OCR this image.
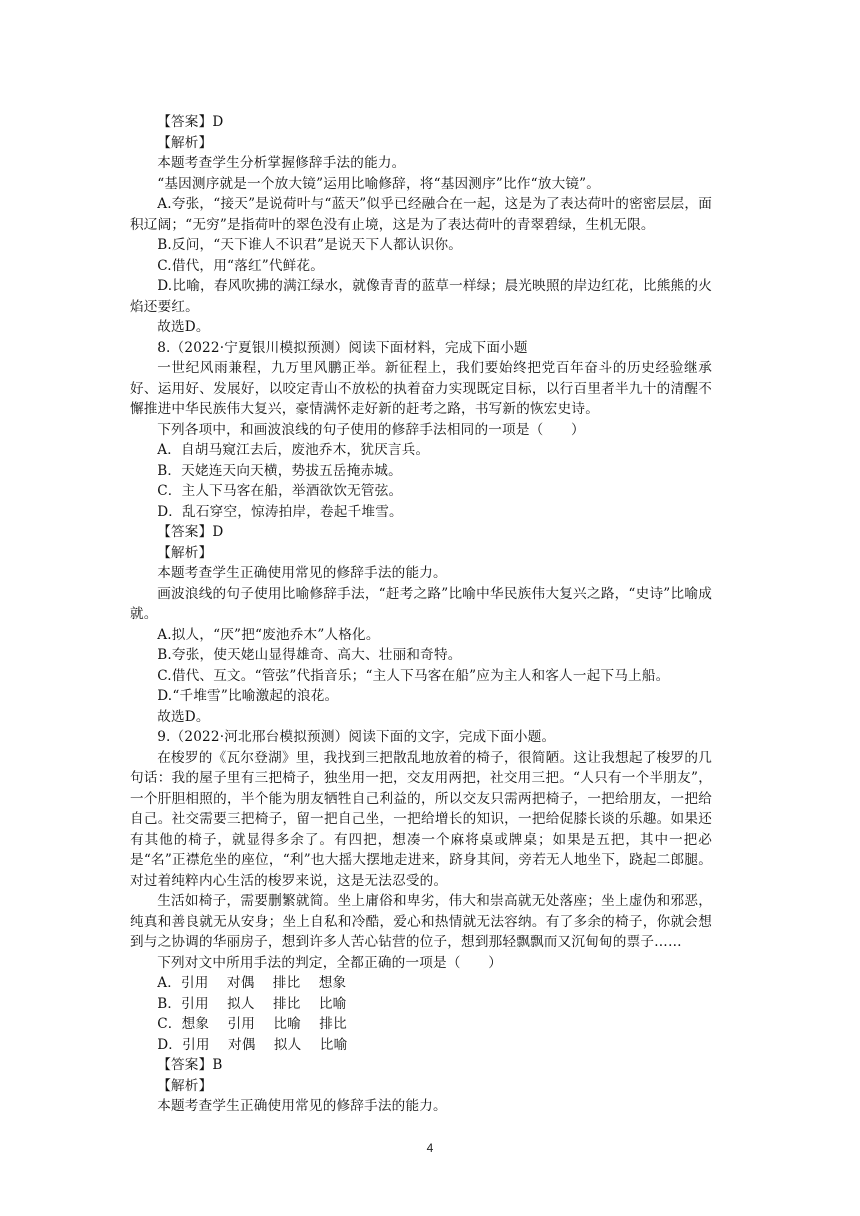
【答案】D
【解析】
本题考查学生分析掌握修辞手法的能力。
“基因测序就是一个放大镜”运用比喻修辞，将“基因测序”比作“放大镜”。
A.夸张，“接天”是说荷叶与“蓝天”似乎已经融合在一起，这是为了表达荷叶的密密层层，面积辽阔；“无穷”是指荷叶的翠色没有止境，这是为了表达荷叶的青翠碧绿，生机无限。
B.反问，“天下谁人不识君”是说天下人都认识你。
C.借代，用“落红”代鲜花。
D.比喻，春风吹拂的满江绿水，就像青青的蓝草一样绿；晨光映照的岸边红花，比熊熊的火焰还要红。
故选D。
8.（2022·宁夏银川模拟预测）阅读下面材料，完成下面小题
一世纪风雨兼程，九万里风鹏正举。新征程上，我们要始终把党百年奋斗的历史经验继承好、运用好、发展好，以咬定青山不放松的执着奋力实现既定目标，以行百里者半九十的清醒不懈推进中华民族伟大复兴，豪情满怀走好新的赶考之路，书写新的恢宏史诗。
下列各项中，和画波浪线的句子使用的修辞手法相同的一项是（　　）
A．自胡马窥江去后，废池乔木，犹厌言兵。
B．天姥连天向天横，势拔五岳掩赤城。
C．主人下马客在船，举酒欲饮无管弦。
D．乱石穿空，惊涛拍岸，卷起千堆雪。
【答案】D
【解析】
本题考查学生正确使用常见的修辞手法的能力。
画波浪线的句子使用比喻修辞手法，“赶考之路”比喻中华民族伟大复兴之路，“史诗”比喻成就。
A.拟人，“厌”把“废池乔木”人格化。
B.夸张，使天姥山显得雄奇、高大、壮丽和奇特。
C.借代、互文。“管弦”代指音乐；“主人下马客在船”应为主人和客人一起下马上船。
D.“千堆雪”比喻激起的浪花。
故选D。
9.（2022·河北邢台模拟预测）阅读下面的文字，完成下面小题。
在梭罗的《瓦尔登湖》里，我找到三把散乱地放着的椅子，很简陋。这让我想起了梭罗的几句话：我的屋子里有三把椅子，独坐用一把，交友用两把，社交用三把。“人只有一个半朋友”，一个肝胆相照的，半个能为朋友牺牲自己利益的，所以交友只需两把椅子，一把给朋友，一把给自己。社交需要三把椅子，留一把自己坐，一把给增长的知识，一把给促膝长谈的乐趣。如果还有其他的椅子，就显得多余了。有四把，想凑一个麻将桌或牌桌；如果是五把，其中一把必是“名”正襟危坐的座位，“利”也大摇大摆地走进来，跻身其间，旁若无人地坐下，跷起二郎腿。对过着纯粹内心生活的梭罗来说，这是无法忍受的。
生活如椅子，需要删繁就简。坐上庸俗和卑劣，伟大和崇高就无处落座；坐上虚伪和邪恶，纯真和善良就无从安身；坐上自私和冷酷，爱心和热情就无法容纳。有了多余的椅子，你就会想到与之协调的华丽房子，想到许多人苦心钻营的位子，想到那轻飘飘而又沉甸甸的票子……
下列对文中所用手法的判定，全都正确的一项是（　　）
A．引用　 对偶　 排比　 想象
B．引用　 拟人　 排比　 比喻
C．想象　 引用　 比喻　 排比
D．引用　 对偶　 拟人　 比喻
【答案】B
【解析】
本题考查学生正确使用常见的修辞手法的能力。
4
